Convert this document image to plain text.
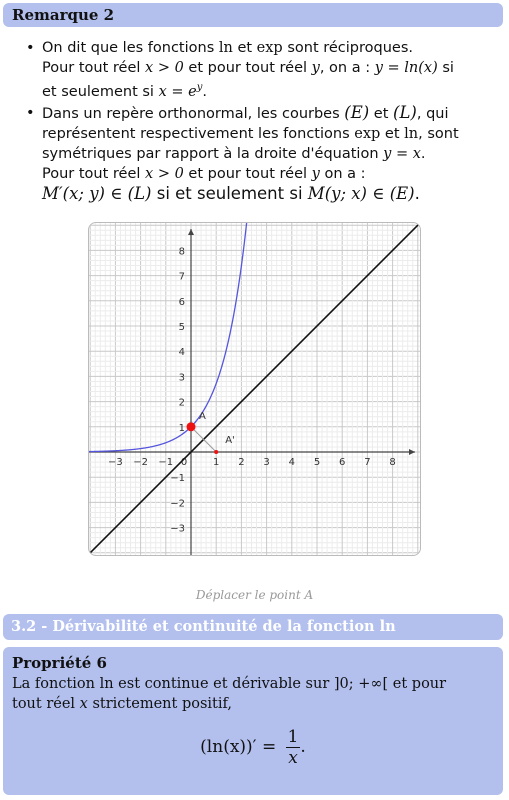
Remarque 2
• On dit que les fonctions ln et exp sont réciproques.
Pour tout réel x > 0 et pour tout réel y, on a : y = ln(x) si
et seulement si $x = e^y$.
• Dans un repère orthonormal, les courbes (E) et (L), qui
représentent respectivement les fonctions exp et ln, sont
symétriques par rapport à la droite d'équation y = x.
Pour tout réel x > 0 et pour tout réel y on a :
M′(x; y) ∈ (L) si et seulement si M(y; x) ∈ (E).
−3 −2 −1 0	1 2 3 4 5 6 7 8
−3
−2
−1
1
2
3
4
5
6
7
8
A
A'
Déplacer le point A
3.2 - Dérivabilité et continuité de la fonction ln
Propriété 6
La fonction ln est continue et dérivable sur ]0; +∞[ et pour
tout réel x strictement positif,
$(\ln(x))' = \frac{1}{x}$ .
